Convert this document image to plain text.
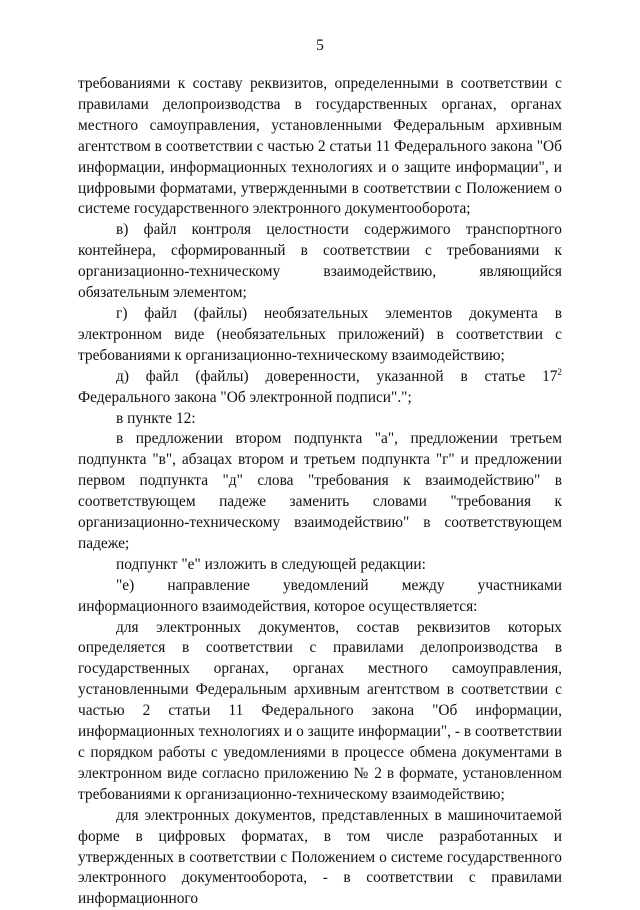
5

требованиями к составу реквизитов, определенными в соответствии с правилами делопроизводства в государственных органах, органах местного самоуправления, установленными Федеральным архивным агентством в соответствии с частью 2 статьи 11 Федерального закона "Об информации, информационных технологиях и о защите информации", и цифровыми форматами, утвержденными в соответствии с Положением о системе государственного электронного документооборота;

в) файл контроля целостности содержимого транспортного контейнера, сформированный в соответствии с требованиями к организационно-техническому взаимодействию, являющийся обязательным элементом;

г) файл (файлы) необязательных элементов документа в электронном виде (необязательных приложений) в соответствии с требованиями к организационно-техническому взаимодействию;

д) файл (файлы) доверенности, указанной в статье $17^2$ Федерального закона "Об электронной подписи".";

в пункте 12:

в предложении втором подпункта "а", предложении третьем подпункта "в", абзацах втором и третьем подпункта "г" и предложении первом подпункта "д" слова "требования к взаимодействию" в соответствующем падеже заменить словами "требования к организационно-техническому взаимодействию" в соответствующем падеже;

подпункт "е" изложить в следующей редакции:

"е) направление уведомлений между участниками информационного взаимодействия, которое осуществляется:

для электронных документов, состав реквизитов которых определяется в соответствии с правилами делопроизводства в государственных органах, органах местного самоуправления, установленными Федеральным архивным агентством в соответствии с частью 2 статьи 11 Федерального закона "Об информации, информационных технологиях и о защите информации", - в соответствии с порядком работы с уведомлениями в процессе обмена документами в электронном виде согласно приложению № 2 в формате, установленном требованиями к организационно-техническому взаимодействию;

для электронных документов, представленных в машиночитаемой форме в цифровых форматах, в том числе разработанных и утвержденных в соответствии с Положением о системе государственного электронного документооборота, - в соответствии с правилами информационного
